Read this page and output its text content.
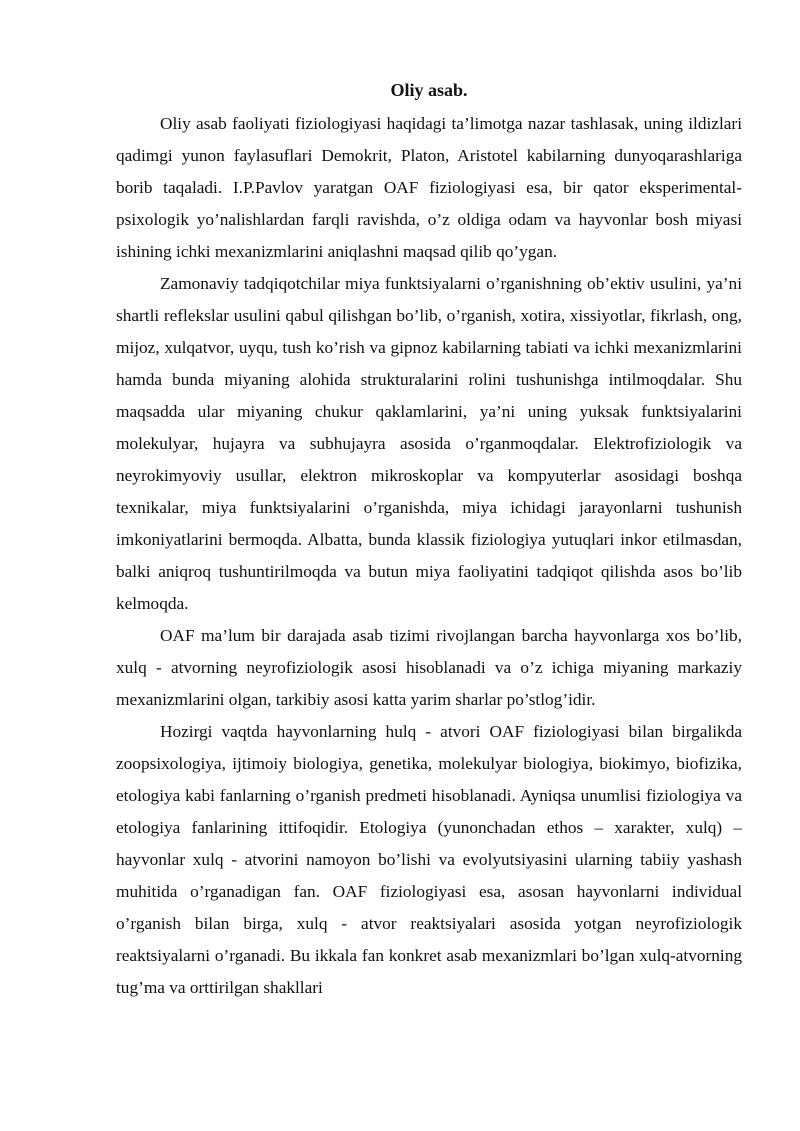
Oliy asab.

Oliy asab faoliyati fiziologiyasi haqidagi ta’limotga nazar tashlasak, uning ildizlari qadimgi yunon faylasuflari Demokrit, Platon, Aristotel kabilarning dunyoqarashlariga borib taqaladi. I.P.Pavlov yaratgan OAF fiziologiyasi esa, bir qator eksperimental-psixologik yo’nalishlardan farqli ravishda, o’z oldiga odam va hayvonlar bosh miyasi ishining ichki mexanizmlarini aniqlashni maqsad qilib qo’ygan.

Zamonaviy tadqiqotchilar miya funktsiyalarni o’rganishning ob’ektiv usulini, ya’ni shartli reflekslar usulini qabul qilishgan bo’lib, o’rganish, xotira, xissiyotlar, fikrlash, ong, mijoz, xulqatvor, uyqu, tush ko’rish va gipnoz kabilarning tabiati va ichki mexanizmlarini hamda bunda miyaning alohida strukturalarini rolini tushunishga intilmoqdalar. Shu maqsadda ular miyaning chukur qaklamlarini, ya’ni uning yuksak funktsiyalarini molekulyar, hujayra va subhujayra asosida o’rganmoqdalar. Elektrofiziologik va neyrokimyoviy usullar, elektron mikroskoplar va kompyuterlar asosidagi boshqa texnikalar, miya funktsiyalarini o’rganishda, miya ichidagi jarayonlarni tushunish imkoniyatlarini bermoqda. Albatta, bunda klassik fiziologiya yutuqlari inkor etilmasdan, balki aniqroq tushuntirilmoqda va butun miya faoliyatini tadqiqot qilishda asos bo’lib kelmoqda.

OAF ma’lum bir darajada asab tizimi rivojlangan barcha hayvonlarga xos bo’lib, xulq - atvorning neyrofiziologik asosi hisoblanadi va o’z ichiga miyaning markaziy mexanizmlarini olgan, tarkibiy asosi katta yarim sharlar po’stlog’idir.

Hozirgi vaqtda hayvonlarning hulq - atvori OAF fiziologiyasi bilan birgalikda zoopsixologiya, ijtimoiy biologiya, genetika, molekulyar biologiya, biokimyo, biofizika, etologiya kabi fanlarning o’rganish predmeti hisoblanadi. Ayniqsa unumlisi fiziologiya va etologiya fanlarining ittifoqidir. Etologiya (yunonchadan ethos – xarakter, xulq) – hayvonlar xulq - atvorini namoyon bo’lishi va evolyutsiyasini ularning tabiiy yashash muhitida o’rganadigan fan. OAF fiziologiyasi esa, asosan hayvonlarni individual o’rganish bilan birga, xulq - atvor reaktsiyalari asosida yotgan neyrofiziologik reaktsiyalarni o’rganadi. Bu ikkala fan konkret asab mexanizmlari bo’lgan xulq-atvorning tug’ma va orttirilgan shakllari
